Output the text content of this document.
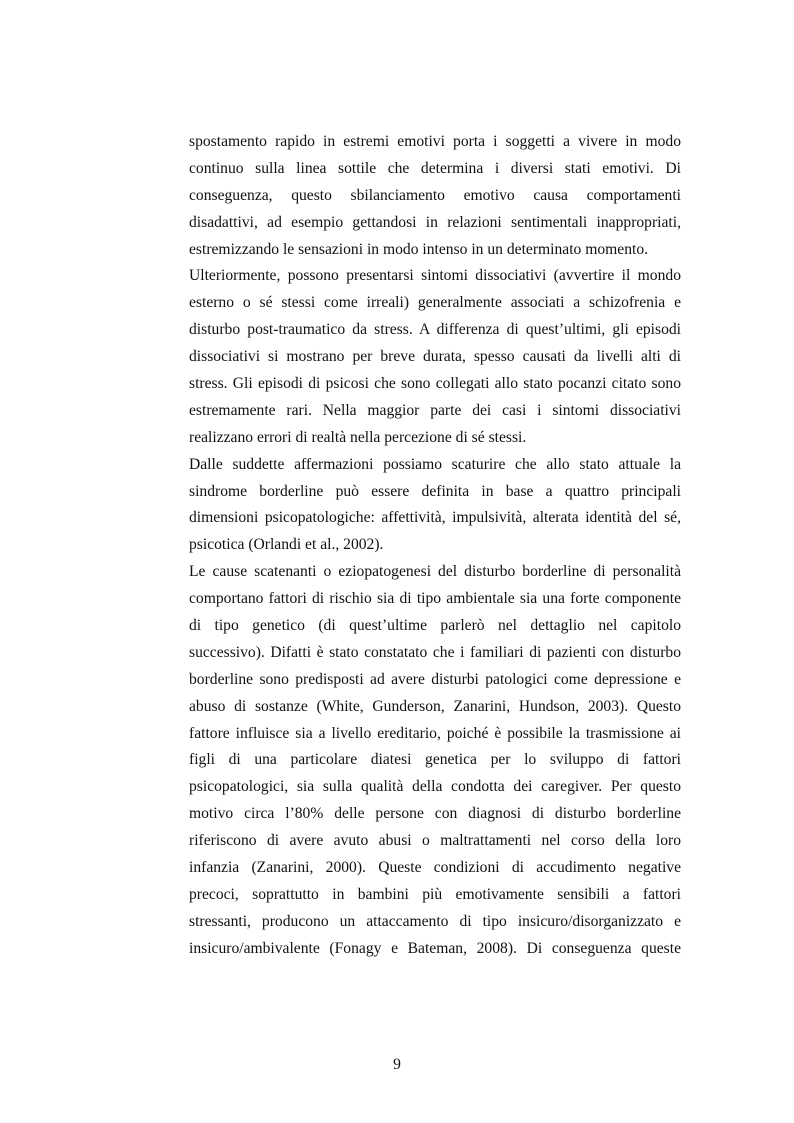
spostamento rapido in estremi emotivi porta i soggetti a vivere in modo
continuo sulla linea sottile che determina i diversi stati emotivi. Di
conseguenza, questo sbilanciamento emotivo causa comportamenti
disadattivi, ad esempio gettandosi in relazioni sentimentali inappropriati,
estremizzando le sensazioni in modo intenso in un determinato momento.
Ulteriormente, possono presentarsi sintomi dissociativi (avvertire il mondo
esterno o sé stessi come irreali) generalmente associati a schizofrenia e
disturbo post-traumatico da stress. A differenza di quest’ultimi, gli episodi
dissociativi si mostrano per breve durata, spesso causati da livelli alti di
stress. Gli episodi di psicosi che sono collegati allo stato pocanzi citato sono
estremamente rari. Nella maggior parte dei casi i sintomi dissociativi
realizzano errori di realtà nella percezione di sé stessi.
Dalle suddette affermazioni possiamo scaturire che allo stato attuale la
sindrome borderline può essere definita in base a quattro principali
dimensioni psicopatologiche: affettività, impulsività, alterata identità del sé,
psicotica (Orlandi et al., 2002).
Le cause scatenanti o eziopatogenesi del disturbo borderline di personalità
comportano fattori di rischio sia di tipo ambientale sia una forte componente
di tipo genetico (di quest’ultime parlerò nel dettaglio nel capitolo
successivo). Difatti è stato constatato che i familiari di pazienti con disturbo
borderline sono predisposti ad avere disturbi patologici come depressione e
abuso di sostanze (White, Gunderson, Zanarini, Hundson, 2003). Questo
fattore influisce sia a livello ereditario, poiché è possibile la trasmissione ai
figli di una particolare diatesi genetica per lo sviluppo di fattori
psicopatologici, sia sulla qualità della condotta dei caregiver. Per questo
motivo circa l’80% delle persone con diagnosi di disturbo borderline
riferiscono di avere avuto abusi o maltrattamenti nel corso della loro
infanzia (Zanarini, 2000). Queste condizioni di accudimento negative
precoci, soprattutto in bambini più emotivamente sensibili a fattori
stressanti, producono un attaccamento di tipo insicuro/disorganizzato e
insicuro/ambivalente (Fonagy e Bateman, 2008). Di conseguenza queste
9
